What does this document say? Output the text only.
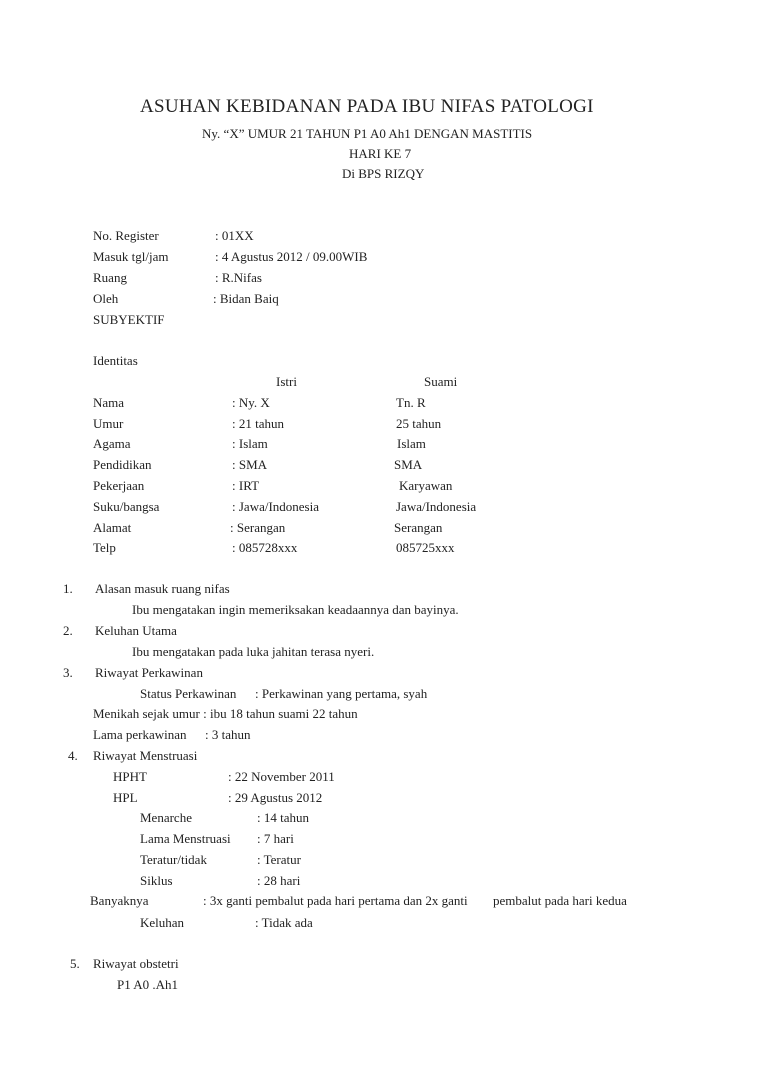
ASUHAN KEBIDANAN PADA IBU NIFAS PATOLOGI
Ny. “X” UMUR 21 TAHUN P1 A0 Ah1 DENGAN MASTITIS
HARI KE 7
Di BPS RIZQY
No. Register	: 01XX
Masuk tgl/jam	: 4 Agustus 2012 / 09.00WIB
Ruang	: R.Nifas
Oleh	: Bidan Baiq
SUBYEKTIF
Identitas
Istri	Suami
Nama	: Ny. X	Tn. R
Umur	: 21 tahun	25 tahun
Agama	: Islam	Islam
Pendidikan	: SMA	SMA
Pekerjaan	: IRT	Karyawan
Suku/bangsa	: Jawa/Indonesia	Jawa/Indonesia
Alamat	: Serangan	Serangan
Telp	: 085728xxx	085725xxx
1. Alasan masuk ruang nifas
Ibu mengatakan ingin memeriksakan keadaannya dan bayinya.
2. Keluhan Utama
Ibu mengatakan pada luka jahitan terasa nyeri.
3. Riwayat Perkawinan
Status Perkawinan : Perkawinan yang pertama, syah
Menikah sejak umur : ibu 18 tahun suami 22 tahun
Lama perkawinan : 3 tahun
4. Riwayat Menstruasi
HPHT	: 22 November 2011
HPL	: 29 Agustus 2012
Menarche	: 14 tahun
Lama Menstruasi : 7 hari
Teratur/tidak	: Teratur
Siklus	: 28 hari
Banyaknya	: 3x ganti pembalut pada hari pertama dan 2x ganti pembalut pada hari kedua
Keluhan	: Tidak ada
5. Riwayat obstetri
P1 A0 .Ah1
